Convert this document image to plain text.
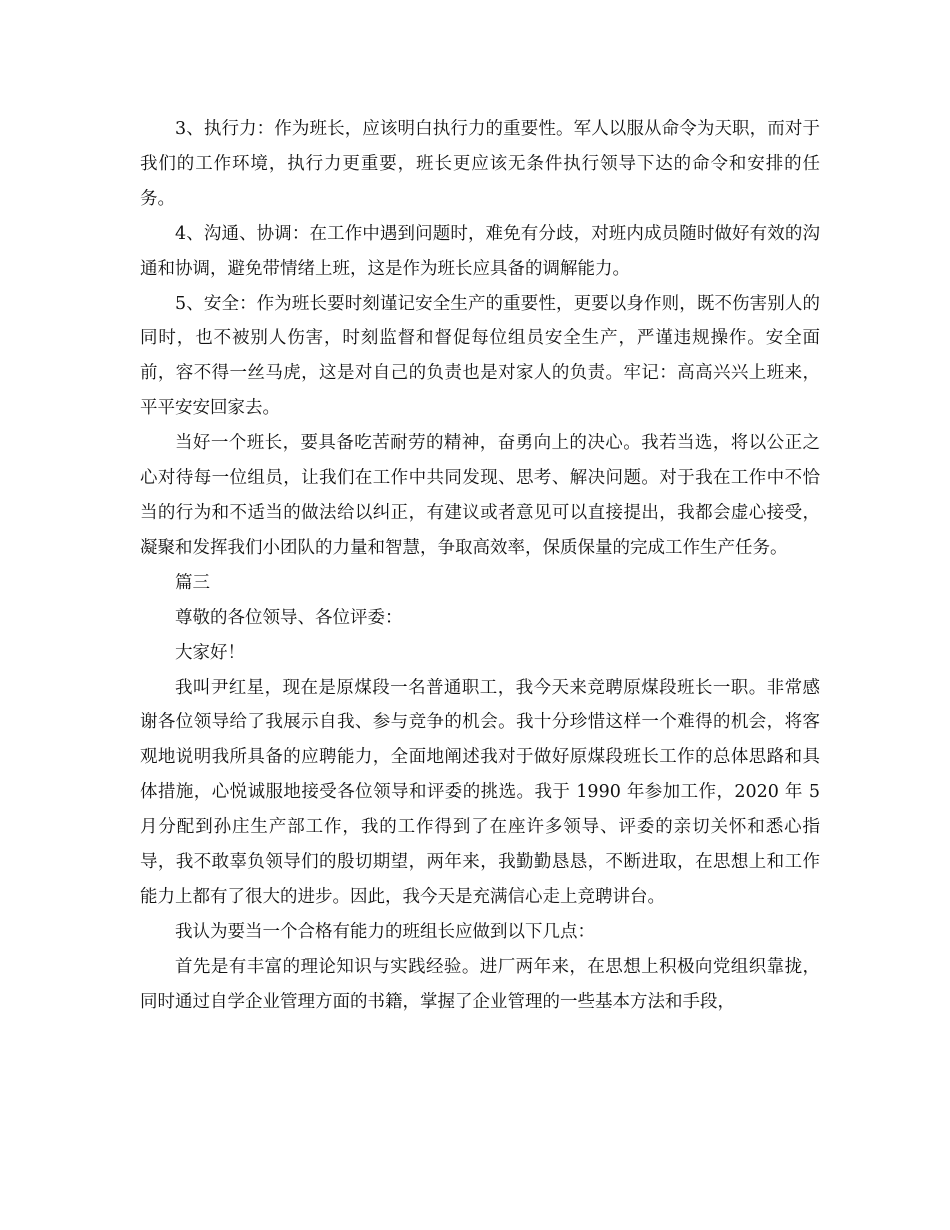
3、执行力：作为班长，应该明白执行力的重要性。军人以服从命令为天职，而对于我们的工作环境，执行力更重要，班长更应该无条件执行领导下达的命令和安排的任务。

4、沟通、协调：在工作中遇到问题时，难免有分歧，对班内成员随时做好有效的沟通和协调，避免带情绪上班，这是作为班长应具备的调解能力。

5、安全：作为班长要时刻谨记安全生产的重要性，更要以身作则，既不伤害别人的同时，也不被别人伤害，时刻监督和督促每位组员安全生产，严谨违规操作。安全面前，容不得一丝马虎，这是对自己的负责也是对家人的负责。牢记：高高兴兴上班来，平平安安回家去。

当好一个班长，要具备吃苦耐劳的精神，奋勇向上的决心。我若当选，将以公正之心对待每一位组员，让我们在工作中共同发现、思考、解决问题。对于我在工作中不恰当的行为和不适当的做法给以纠正，有建议或者意见可以直接提出，我都会虚心接受，凝聚和发挥我们小团队的力量和智慧，争取高效率，保质保量的完成工作生产任务。

篇三

尊敬的各位领导、各位评委：

大家好！

我叫尹红星，现在是原煤段一名普通职工，我今天来竞聘原煤段班长一职。非常感谢各位领导给了我展示自我、参与竞争的机会。我十分珍惜这样一个难得的机会，将客观地说明我所具备的应聘能力，全面地阐述我对于做好原煤段班长工作的总体思路和具体措施，心悦诚服地接受各位领导和评委的挑选。我于 1990 年参加工作，2020 年 5 月分配到孙庄生产部工作，我的工作得到了在座许多领导、评委的亲切关怀和悉心指导，我不敢辜负领导们的殷切期望，两年来，我勤勤恳恳，不断进取，在思想上和工作能力上都有了很大的进步。因此，我今天是充满信心走上竞聘讲台。

我认为要当一个合格有能力的班组长应做到以下几点：

首先是有丰富的理论知识与实践经验。进厂两年来，在思想上积极向党组织靠拢，同时通过自学企业管理方面的书籍，掌握了企业管理的一些基本方法和手段，
